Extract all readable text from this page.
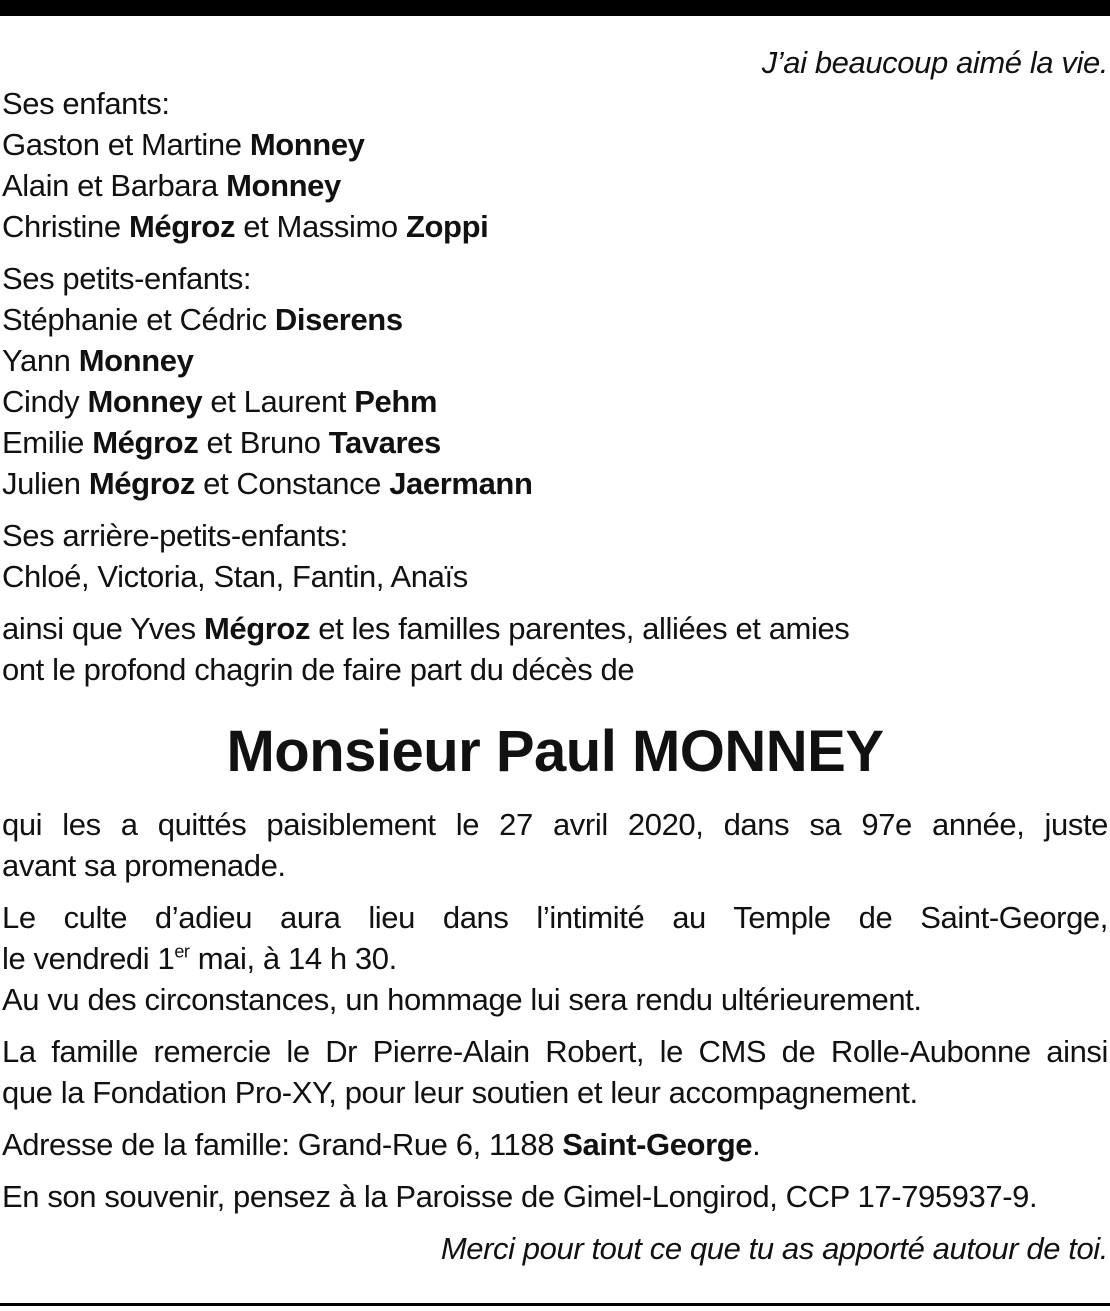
J’ai beaucoup aimé la vie.
Ses enfants:
Gaston et Martine Monney
Alain et Barbara Monney
Christine Mégroz et Massimo Zoppi
Ses petits-enfants:
Stéphanie et Cédric Diserens
Yann Monney
Cindy Monney et Laurent Pehm
Emilie Mégroz et Bruno Tavares
Julien Mégroz et Constance Jaermann
Ses arrière-petits-enfants:
Chloé, Victoria, Stan, Fantin, Anaïs
ainsi que Yves Mégroz et les familles parentes, alliées et amies
ont le profond chagrin de faire part du décès de
Monsieur Paul MONNEY
qui les a quittés paisiblement le 27 avril 2020, dans sa 97e année, juste
avant sa promenade.
Le culte d’adieu aura lieu dans l’intimité au Temple de Saint-George,
le vendredi 1er mai, à 14 h 30.
Au vu des circonstances, un hommage lui sera rendu ultérieurement.
La famille remercie le Dr Pierre-Alain Robert, le CMS de Rolle-Aubonne ainsi
que la Fondation Pro-XY, pour leur soutien et leur accompagnement.
Adresse de la famille: Grand-Rue 6, 1188 Saint-George.
En son souvenir, pensez à la Paroisse de Gimel-Longirod, CCP 17-795937-9.
Merci pour tout ce que tu as apporté autour de toi.
